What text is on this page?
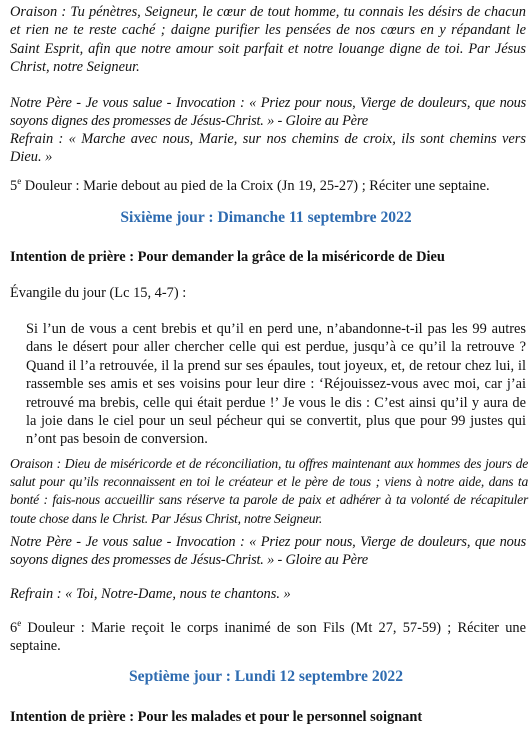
Oraison : Tu pénètres, Seigneur, le cœur de tout homme, tu connais les désirs de chacun et rien ne te reste caché ; daigne purifier les pensées de nos cœurs en y répandant le Saint Esprit, afin que notre amour soit parfait et notre louange digne de toi. Par Jésus Christ, notre Seigneur.

Notre Père - Je vous salue - Invocation : « Priez pour nous, Vierge de douleurs, que nous soyons dignes des promesses de Jésus-Christ. » - Gloire au Père

Refrain : « Marche avec nous, Marie, sur nos chemins de croix, ils sont chemins vers Dieu. »

5e Douleur : Marie debout au pied de la Croix (Jn 19, 25-27) ; Réciter une septaine.

Sixième jour : Dimanche 11 septembre 2022

Intention de prière : Pour demander la grâce de la miséricorde de Dieu

Évangile du jour (Lc 15, 4-7) :

Si l’un de vous a cent brebis et qu’il en perd une, n’abandonne-t-il pas les 99 autres dans le désert pour aller chercher celle qui est perdue, jusqu’à ce qu’il la retrouve ? Quand il l’a retrouvée, il la prend sur ses épaules, tout joyeux, et, de retour chez lui, il rassemble ses amis et ses voisins pour leur dire : ‘Réjouissez-vous avec moi, car j’ai retrouvé ma brebis, celle qui était perdue !’ Je vous le dis : C’est ainsi qu’il y aura de la joie dans le ciel pour un seul pécheur qui se convertit, plus que pour 99 justes qui n’ont pas besoin de conversion.

Oraison : Dieu de miséricorde et de réconciliation, tu offres maintenant aux hommes des jours de salut pour qu’ils reconnaissent en toi le créateur et le père de tous ; viens à notre aide, dans ta bonté : fais-nous accueillir sans réserve ta parole de paix et adhérer à ta volonté de récapituler toute chose dans le Christ. Par Jésus Christ, notre Seigneur.

Notre Père - Je vous salue - Invocation : « Priez pour nous, Vierge de douleurs, que nous soyons dignes des promesses de Jésus-Christ. » - Gloire au Père

Refrain : « Toi, Notre-Dame, nous te chantons. »

6e Douleur : Marie reçoit le corps inanimé de son Fils (Mt 27, 57-59) ; Réciter une septaine.

Septième jour : Lundi 12 septembre 2022

Intention de prière : Pour les malades et pour le personnel soignant
